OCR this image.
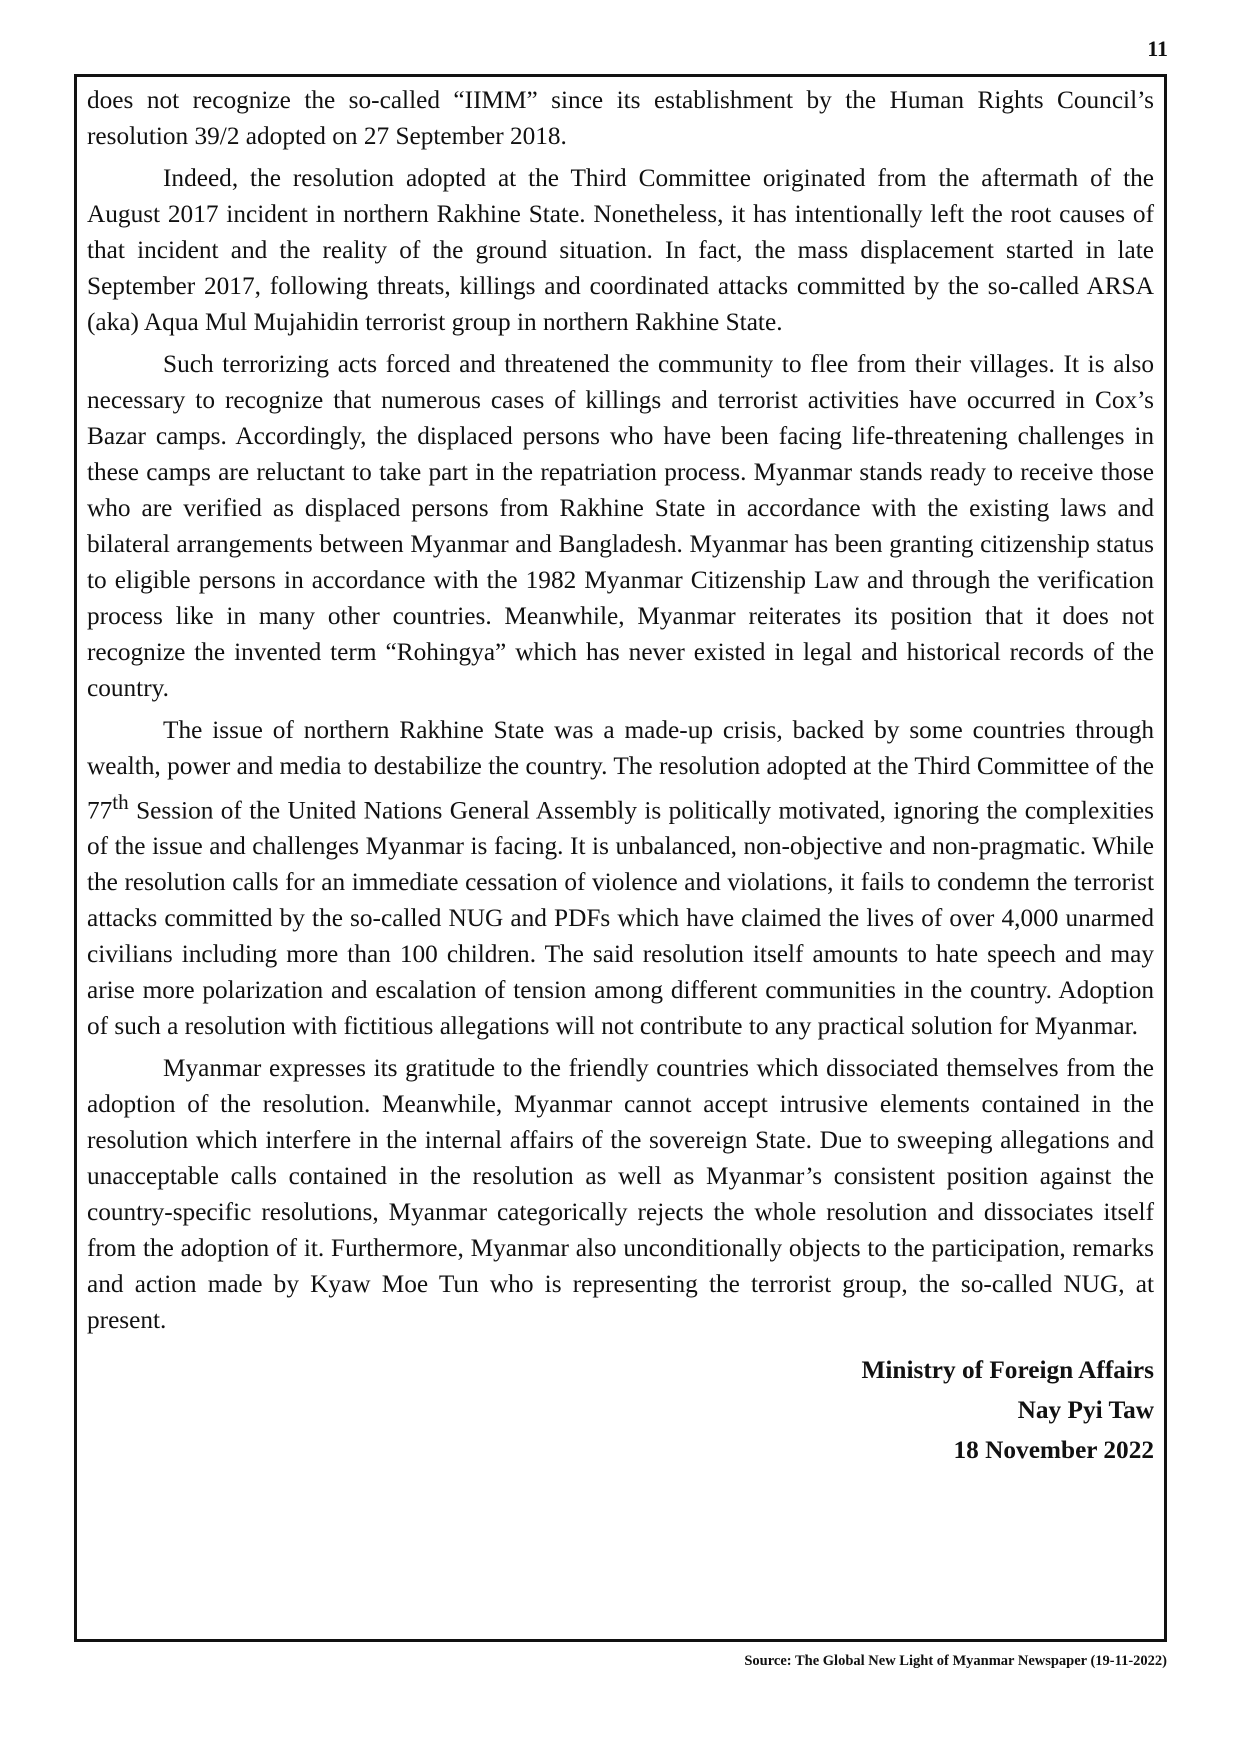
11

does not recognize the so-called “IIMM” since its establishment by the Human Rights Council’s resolution 39/2 adopted on 27 September 2018.

Indeed, the resolution adopted at the Third Committee originated from the aftermath of the August 2017 incident in northern Rakhine State. Nonetheless, it has intentionally left the root causes of that incident and the reality of the ground situation. In fact, the mass displacement started in late September 2017, following threats, killings and coordinated attacks committed by the so-called ARSA (aka) Aqua Mul Mujahidin terrorist group in northern Rakhine State.

Such terrorizing acts forced and threatened the community to flee from their villages. It is also necessary to recognize that numerous cases of killings and terrorist activities have occurred in Cox’s Bazar camps. Accordingly, the displaced persons who have been facing life-threatening challenges in these camps are reluctant to take part in the repatriation process. Myanmar stands ready to receive those who are verified as displaced persons from Rakhine State in accordance with the existing laws and bilateral arrangements between Myanmar and Bangladesh. Myanmar has been granting citizenship status to eligible persons in accordance with the 1982 Myanmar Citizenship Law and through the verification process like in many other countries. Meanwhile, Myanmar reiterates its position that it does not recognize the invented term “Rohingya” which has never existed in legal and historical records of the country.

The issue of northern Rakhine State was a made-up crisis, backed by some countries through wealth, power and media to destabilize the country. The resolution adopted at the Third Committee of the 77th Session of the United Nations General Assembly is politically motivated, ignoring the complexities of the issue and challenges Myanmar is facing. It is unbalanced, non-objective and non-pragmatic. While the resolution calls for an immediate cessation of violence and violations, it fails to condemn the terrorist attacks committed by the so-called NUG and PDFs which have claimed the lives of over 4,000 unarmed civilians including more than 100 children. The said resolution itself amounts to hate speech and may arise more polarization and escalation of tension among different communities in the country. Adoption of such a resolution with fictitious allegations will not contribute to any practical solution for Myanmar.

Myanmar expresses its gratitude to the friendly countries which dissociated themselves from the adoption of the resolution. Meanwhile, Myanmar cannot accept intrusive elements contained in the resolution which interfere in the internal affairs of the sovereign State. Due to sweeping allegations and unacceptable calls contained in the resolution as well as Myanmar’s consistent position against the country-specific resolutions, Myanmar categorically rejects the whole resolution and dissociates itself from the adoption of it. Furthermore, Myanmar also unconditionally objects to the participation, remarks and action made by Kyaw Moe Tun who is representing the terrorist group, the so-called NUG, at present.

Ministry of Foreign Affairs
Nay Pyi Taw
18 November 2022
Source: The Global New Light of Myanmar Newspaper (19-11-2022)
